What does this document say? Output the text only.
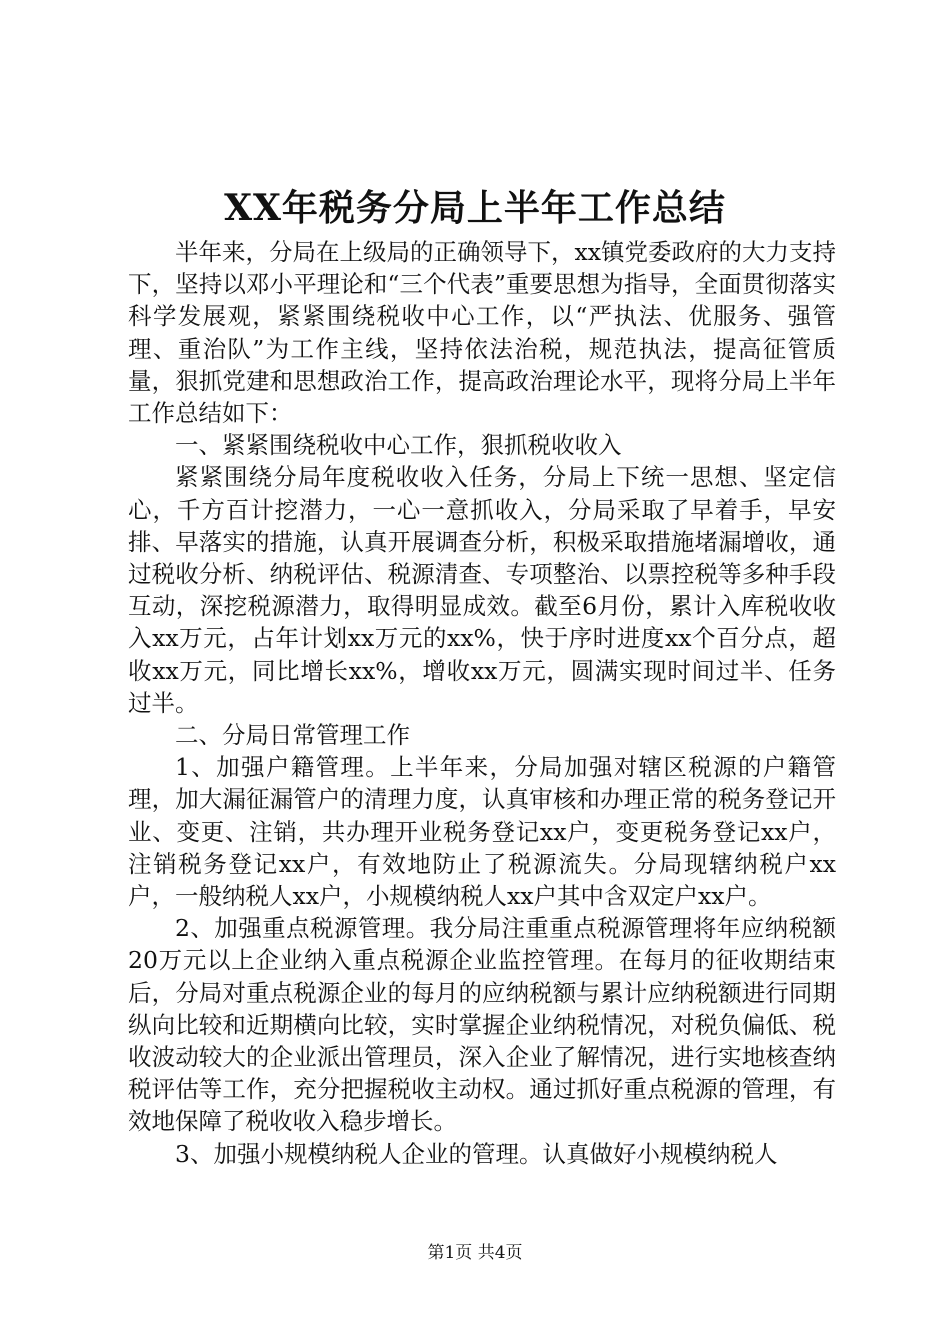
XX年税务分局上半年工作总结

半年来，分局在上级局的正确领导下，xx镇党委政府的大力支持下，坚持以邓小平理论和“三个代表”重要思想为指导，全面贯彻落实科学发展观，紧紧围绕税收中心工作，以“严执法、优服务、强管理、重治队”为工作主线，坚持依法治税，规范执法，提高征管质量，狠抓党建和思想政治工作，提高政治理论水平，现将分局上半年工作总结如下：

一、紧紧围绕税收中心工作，狠抓税收收入

紧紧围绕分局年度税收收入任务，分局上下统一思想、坚定信心，千方百计挖潜力，一心一意抓收入，分局采取了早着手，早安排、早落实的措施，认真开展调查分析，积极采取措施堵漏增收，通过税收分析、纳税评估、税源清查、专项整治、以票控税等多种手段互动，深挖税源潜力，取得明显成效。截至6月份，累计入库税收收入xx万元，占年计划xx万元的xx%，快于序时进度xx个百分点，超收xx万元，同比增长xx%，增收xx万元，圆满实现时间过半、任务过半。

二、分局日常管理工作

1、加强户籍管理。上半年来，分局加强对辖区税源的户籍管理，加大漏征漏管户的清理力度，认真审核和办理正常的税务登记开业、变更、注销，共办理开业税务登记xx户，变更税务登记xx户，注销税务登记xx户，有效地防止了税源流失。分局现辖纳税户xx户，一般纳税人xx户，小规模纳税人xx户其中含双定户xx户。

2、加强重点税源管理。我分局注重重点税源管理将年应纳税额20万元以上企业纳入重点税源企业监控管理。在每月的征收期结束后，分局对重点税源企业的每月的应纳税额与累计应纳税额进行同期纵向比较和近期横向比较，实时掌握企业纳税情况，对税负偏低、税收波动较大的企业派出管理员，深入企业了解情况，进行实地核查纳税评估等工作，充分把握税收主动权。通过抓好重点税源的管理，有效地保障了税收收入稳步增长。

3、加强小规模纳税人企业的管理。认真做好小规模纳税人

第1页 共4页
